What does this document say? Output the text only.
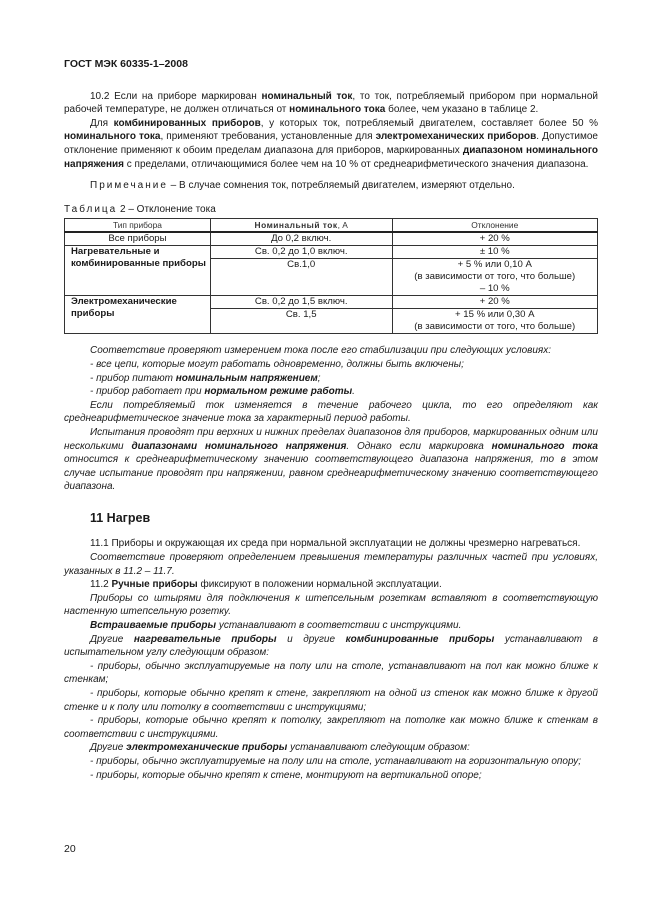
ГОСТ МЭК 60335-1–2008

10.2 Если на приборе маркирован номинальный ток, то ток, потребляемый прибором при нормальной рабочей температуре, не должен отличаться от номинального тока более, чем указано в таблице 2.

Для комбинированных приборов, у которых ток, потребляемый двигателем, составляет более 50 % номинального тока, применяют требования, установленные для электромеханических приборов. Допустимое отклонение применяют к обоим пределам диапазона для приборов, маркированных диапазоном номинального напряжения с пределами, отличающимися более чем на 10 % от среднеарифметического значения диапазона.

Примечание – В случае сомнения ток, потребляемый двигателем, измеряют отдельно.

Таблица 2 – Отклонение тока

Тип прибора	Номинальный ток, А	Отклонение
Все приборы	До 0,2 включ.	+ 20 %
Нагревательные и комбинированные приборы	Св. 0,2 до 1,0 включ.	± 10 %
	Св.1,0	+ 5 % или 0,10 А
(в зависимости от того, что больше)
– 10 %

Электромеханические приборы	Св. 0,2 до 1,5 включ.	+ 20 %
	Св. 1,5	+ 15 % или 0,30 А
(в зависимости от того, что больше)

Соответствие проверяют измерением тока после его стабилизации при следующих условиях:

- все цепи, которые могут работать одновременно, должны быть включены;

- прибор питают номинальным напряжением;

- прибор работает при нормальном режиме работы.

Если потребляемый ток изменяется в течение рабочего цикла, то его определяют как среднеарифметическое значение тока за характерный период работы.

Испытания проводят при верхних и нижних пределах диапазонов для приборов, маркированных одним или несколькими диапазонами номинального напряжения. Однако если маркировка номинального тока относится к среднеарифметическому значению соответствующего диапазона напряжения, то в этом случае испытание проводят при напряжении, равном среднеарифметическому значению соответствующего диапазона.

11 Нагрев

11.1 Приборы и окружающая их среда при нормальной эксплуатации не должны чрезмерно нагреваться.

Соответствие проверяют определением превышения температуры различных частей при условиях, указанных в 11.2 – 11.7.

11.2 Ручные приборы фиксируют в положении нормальной эксплуатации.

Приборы со штырями для подключения к штепсельным розеткам вставляют в соответствующую настенную штепсельную розетку.

Встраиваемые приборы устанавливают в соответствии с инструкциями.

Другие нагревательные приборы и другие комбинированные приборы устанавливают в испытательном углу следующим образом:

- приборы, обычно эксплуатируемые на полу или на столе, устанавливают на пол как можно ближе к стенкам;

- приборы, которые обычно крепят к стене, закрепляют на одной из стенок как можно ближе к другой стенке и к полу или потолку в соответствии с инструкциями;

- приборы, которые обычно крепят к потолку, закрепляют на потолке как можно ближе к стенкам в соответствии с инструкциями.

Другие электромеханические приборы устанавливают следующим образом:

- приборы, обычно эксплуатируемые на полу или на столе, устанавливают на горизонтальную опору;

- приборы, которые обычно крепят к стене, монтируют на вертикальной опоре;

20
